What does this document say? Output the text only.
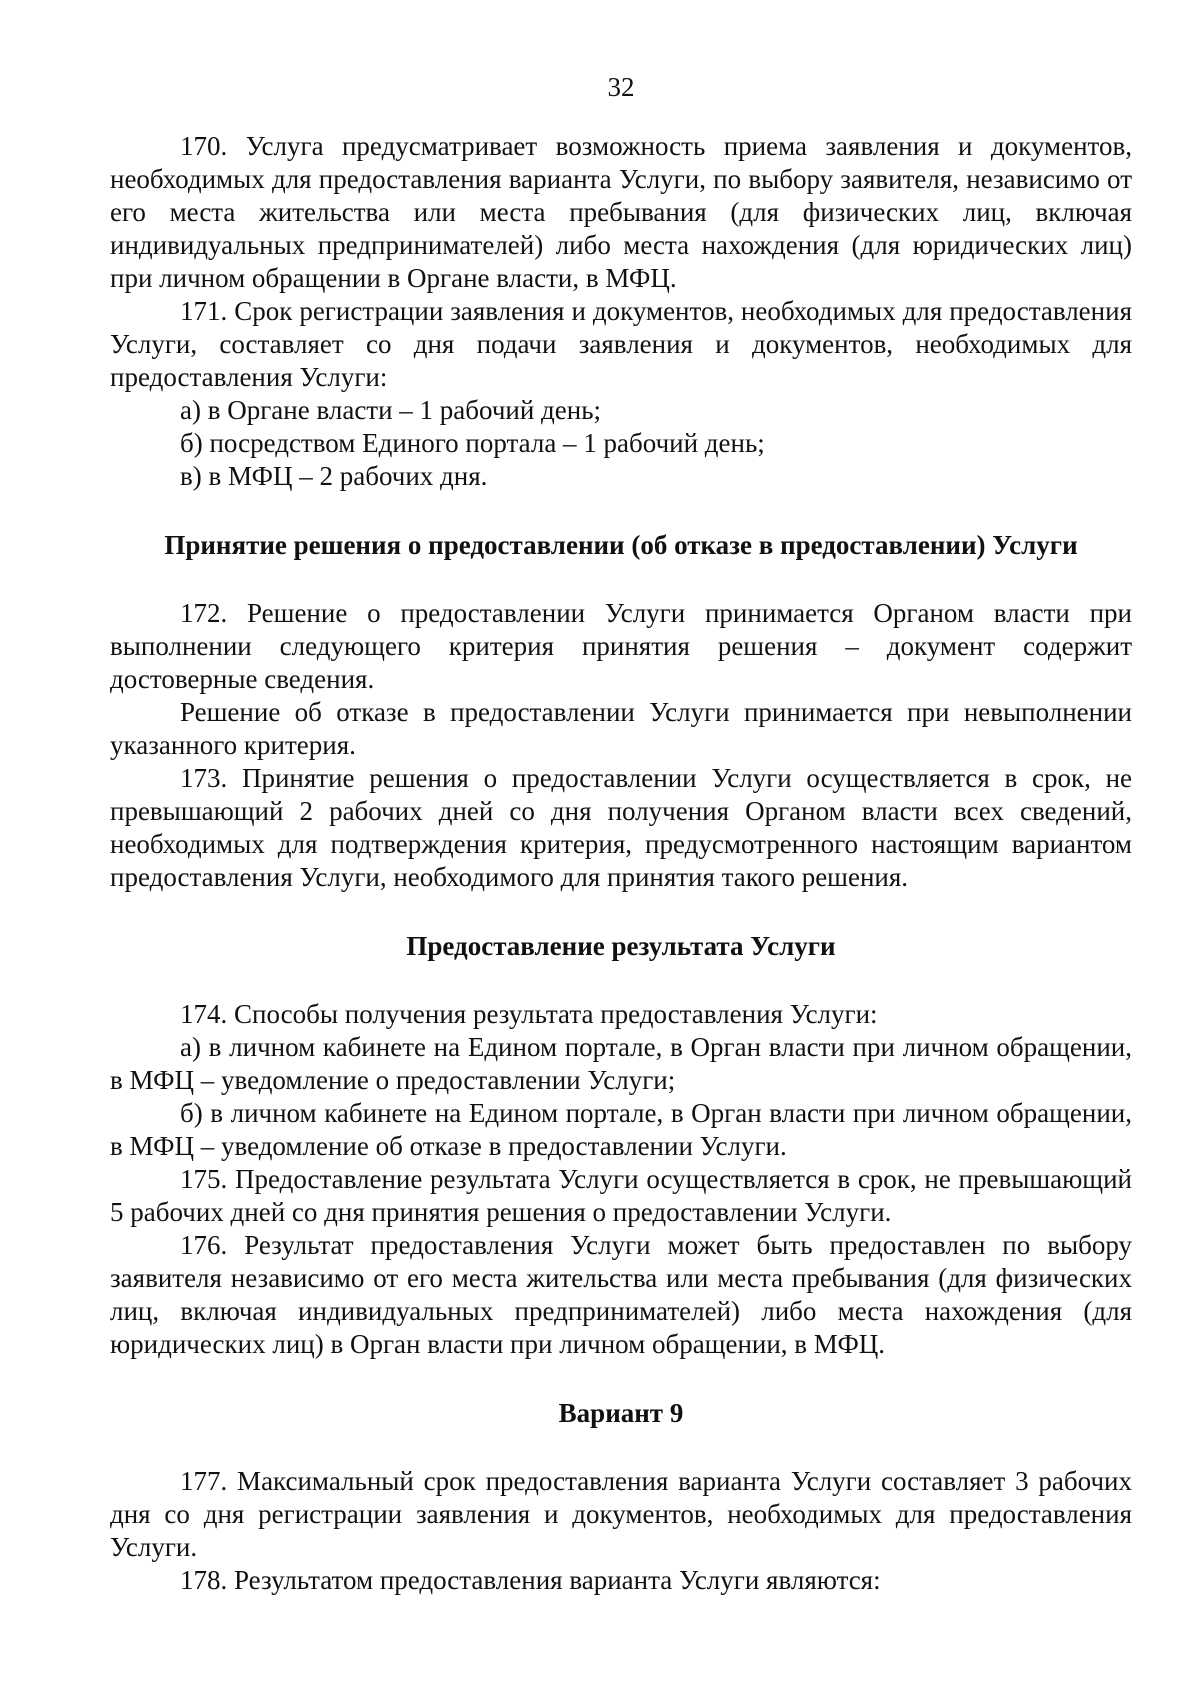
32

170. Услуга предусматривает возможность приема заявления и документов, необходимых для предоставления варианта Услуги, по выбору заявителя, независимо от его места жительства или места пребывания (для физических лиц, включая индивидуальных предпринимателей) либо места нахождения (для юридических лиц) при личном обращении в Органе власти, в МФЦ.

171. Срок регистрации заявления и документов, необходимых для предоставления Услуги, составляет со дня подачи заявления и документов, необходимых для предоставления Услуги:

а) в Органе власти – 1 рабочий день;

б) посредством Единого портала – 1 рабочий день;

в) в МФЦ – 2 рабочих дня.

Принятие решения о предоставлении (об отказе в предоставлении) Услуги

172. Решение о предоставлении Услуги принимается Органом власти при выполнении следующего критерия принятия решения – документ содержит достоверные сведения.

Решение об отказе в предоставлении Услуги принимается при невыполнении указанного критерия.

173. Принятие решения о предоставлении Услуги осуществляется в срок, не превышающий 2 рабочих дней со дня получения Органом власти всех сведений, необходимых для подтверждения критерия, предусмотренного настоящим вариантом предоставления Услуги, необходимого для принятия такого решения.

Предоставление результата Услуги

174. Способы получения результата предоставления Услуги:

а) в личном кабинете на Едином портале, в Орган власти при личном обращении, в МФЦ – уведомление о предоставлении Услуги;

б) в личном кабинете на Едином портале, в Орган власти при личном обращении, в МФЦ – уведомление об отказе в предоставлении Услуги.

175. Предоставление результата Услуги осуществляется в срок, не превышающий 5 рабочих дней со дня принятия решения о предоставлении Услуги.

176. Результат предоставления Услуги может быть предоставлен по выбору заявителя независимо от его места жительства или места пребывания (для физических лиц, включая индивидуальных предпринимателей) либо места нахождения (для юридических лиц) в Орган власти при личном обращении, в МФЦ.

Вариант 9

177. Максимальный срок предоставления варианта Услуги составляет 3 рабочих дня со дня регистрации заявления и документов, необходимых для предоставления Услуги.

178. Результатом предоставления варианта Услуги являются:
